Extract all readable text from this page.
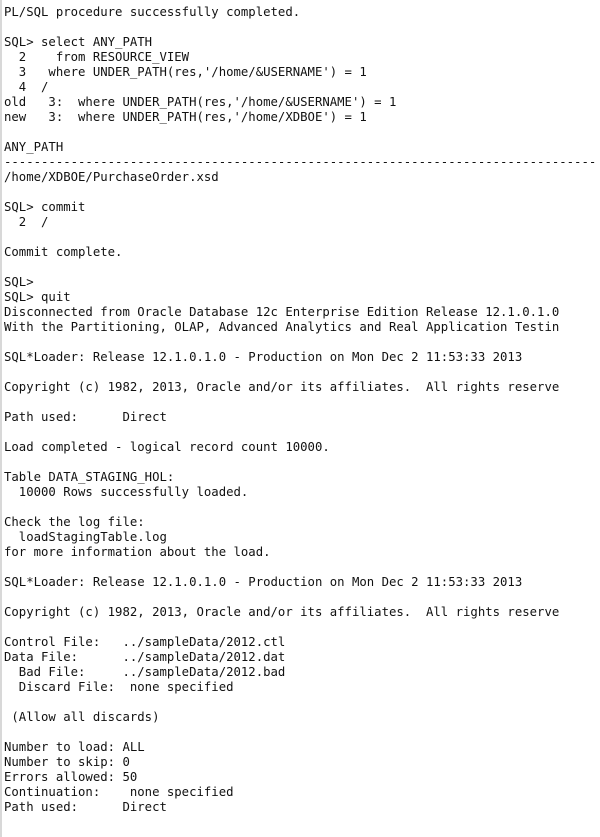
PL/SQL procedure successfully completed.
SQL> select ANY_PATH
2    from RESOURCE_VIEW
3   where UNDER_PATH(res,'/home/&USERNAME') = 1
4  /
old   3:  where UNDER_PATH(res,'/home/&USERNAME') = 1
new   3:  where UNDER_PATH(res,'/home/XDBOE') = 1
ANY_PATH
--------------------------------------------------------------------------------
/home/XDBOE/PurchaseOrder.xsd
SQL> commit
2  /
Commit complete.
SQL>
SQL> quit
Disconnected from Oracle Database 12c Enterprise Edition Release 12.1.0.1.0
With the Partitioning, OLAP, Advanced Analytics and Real Application Testin
SQL*Loader: Release 12.1.0.1.0 - Production on Mon Dec 2 11:53:33 2013
Copyright (c) 1982, 2013, Oracle and/or its affiliates.  All rights reserve
Path used:      Direct
Load completed - logical record count 10000.
Table DATA_STAGING_HOL:
10000 Rows successfully loaded.
Check the log file:
loadStagingTable.log
for more information about the load.
SQL*Loader: Release 12.1.0.1.0 - Production on Mon Dec 2 11:53:33 2013
Copyright (c) 1982, 2013, Oracle and/or its affiliates.  All rights reserve
Control File:   ../sampleData/2012.ctl
Data File:      ../sampleData/2012.dat
Bad File:     ../sampleData/2012.bad
Discard File:  none specified
(Allow all discards)
Number to load: ALL
Number to skip: 0
Errors allowed: 50
Continuation:    none specified
Path used:      Direct
